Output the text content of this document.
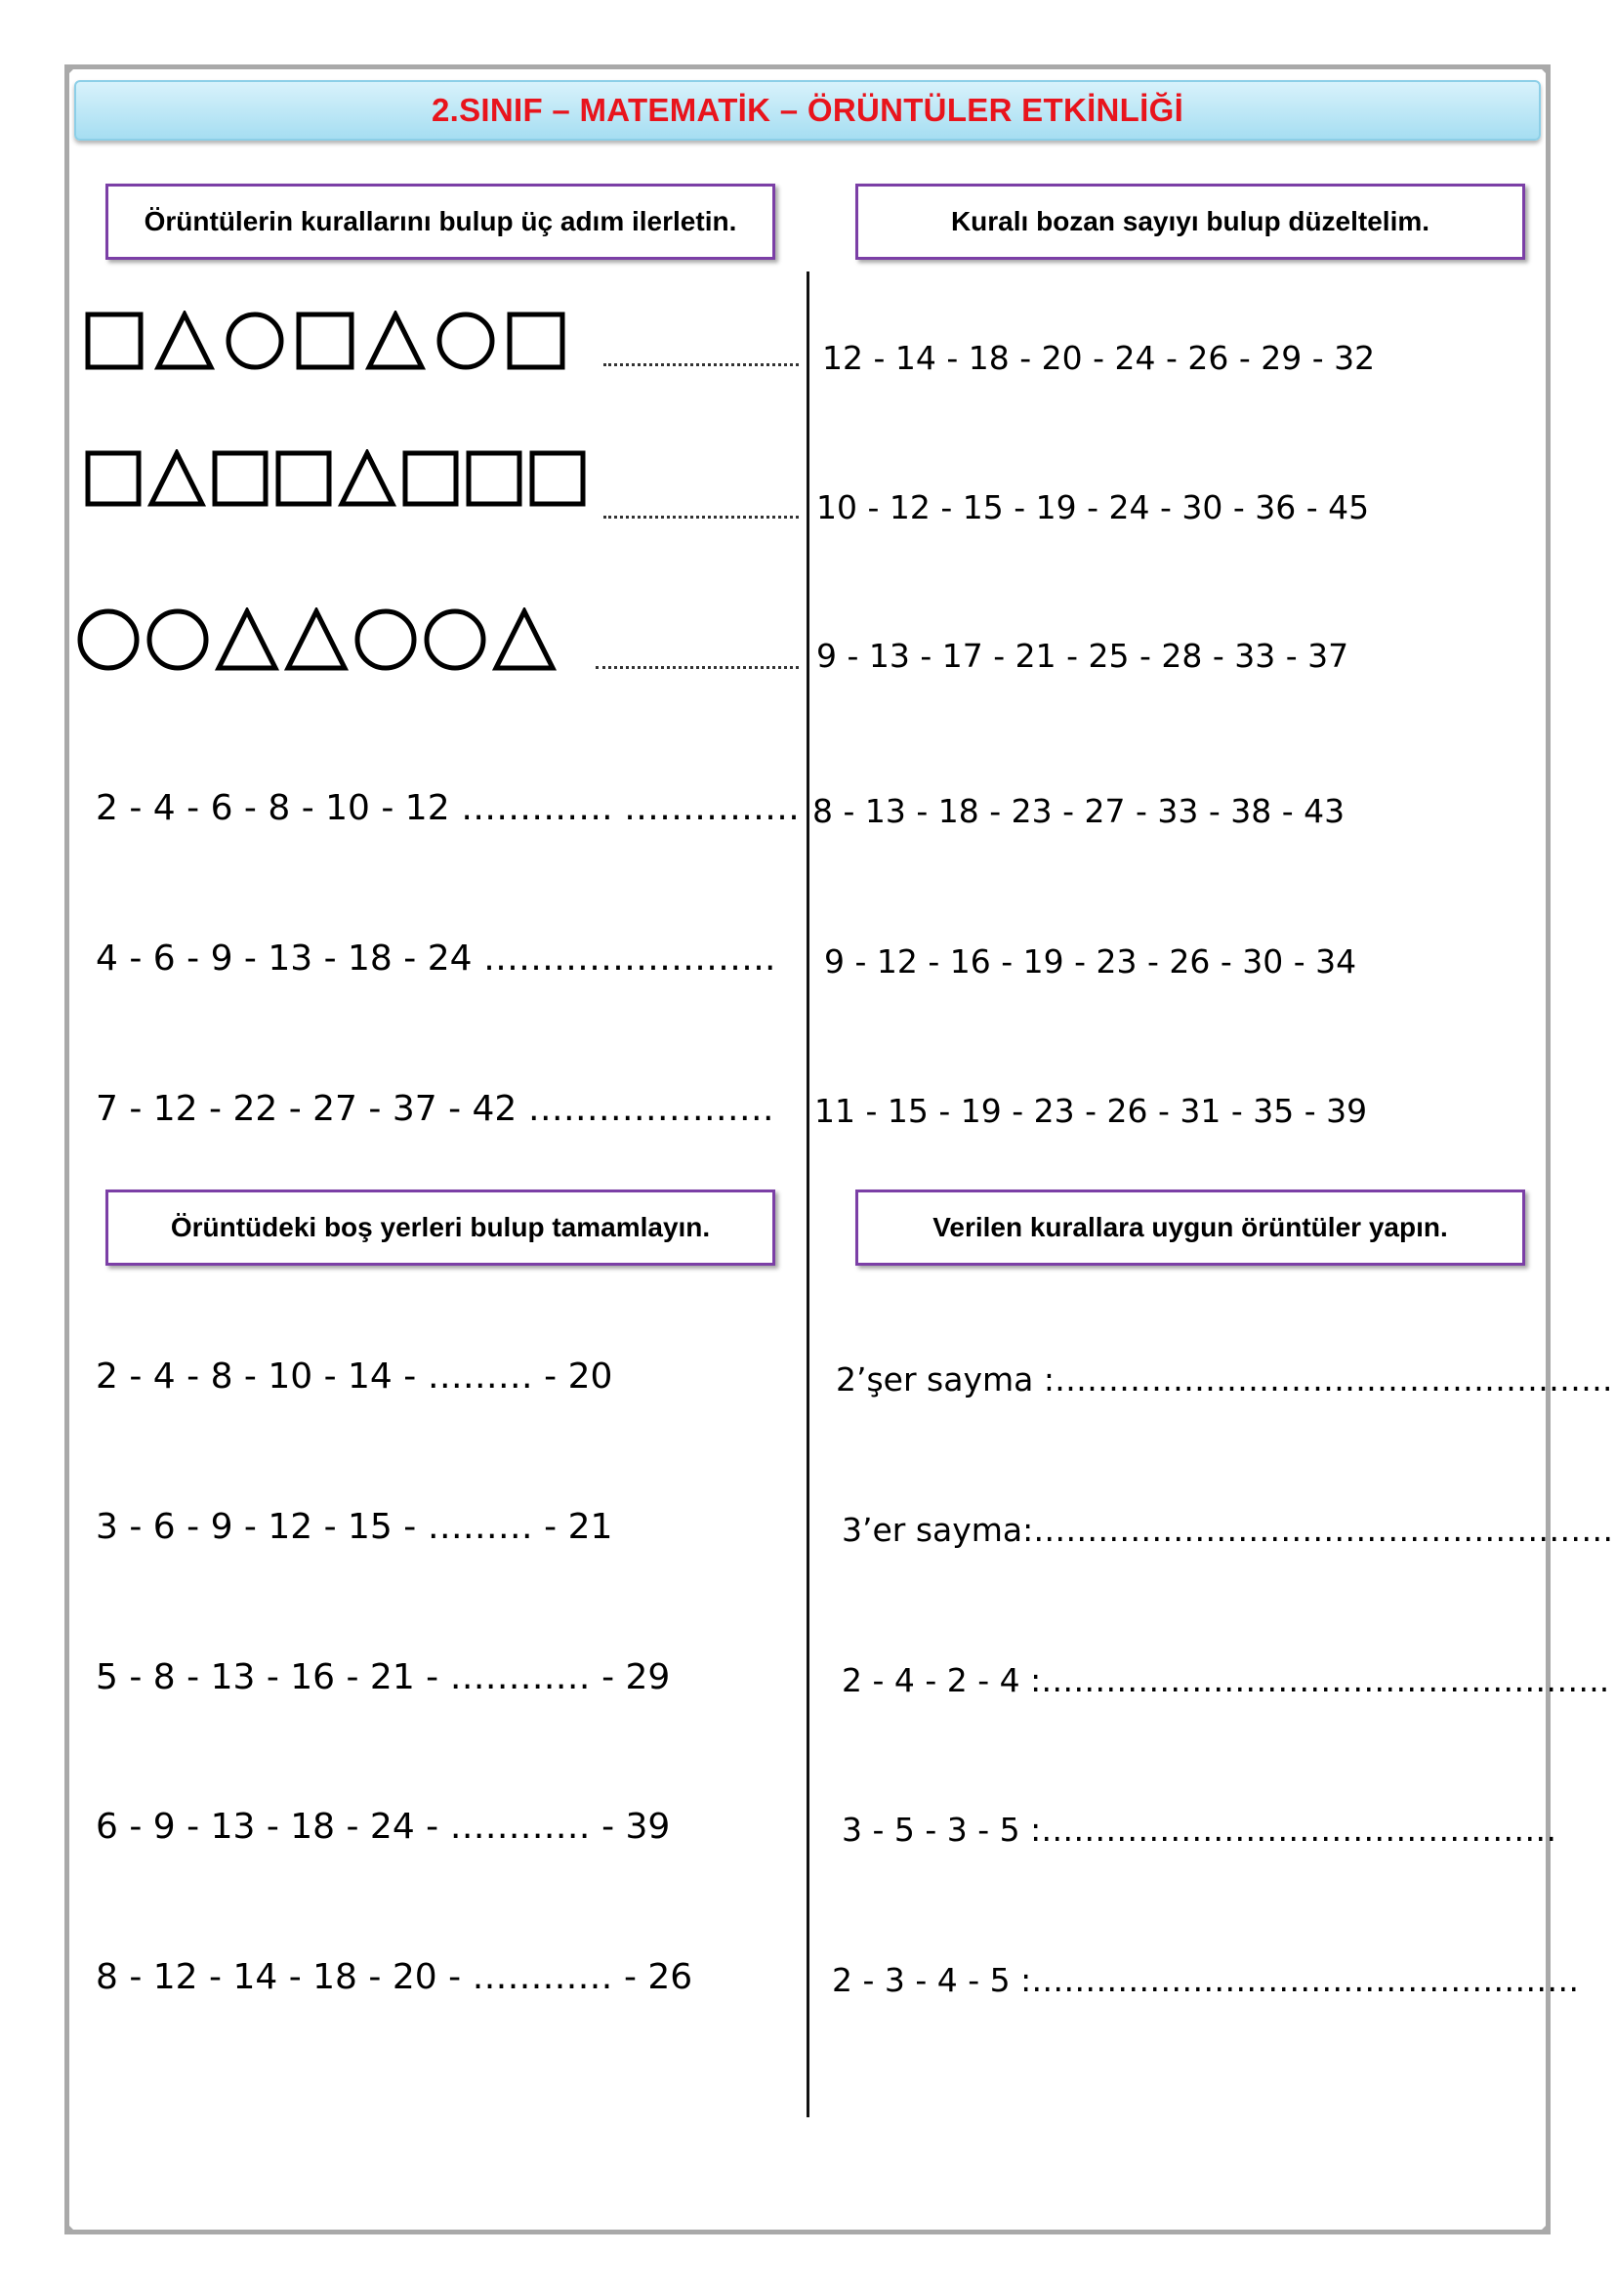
2.SINIF – MATEMATİK – ÖRÜNTÜLER ETKİNLİĞİ
Örüntülerin kurallarını bulup üç adım ilerletin.	Kuralı bozan sayıyı bulup düzeltelim.
Örüntüdeki boş yerleri bulup tamamlayın.	Verilen kurallara uygun örüntüler yapın.
2 - 4 - 6 - 8 - 10 - 12 …………. ……………
4 - 6 - 9 - 13 - 18 - 24 …………………….
7 - 12 - 22 - 27 - 37 - 42 …………………
12 - 14 - 18 - 20 - 24 - 26 - 29 - 32
10 - 12 - 15 - 19 - 24 - 30 - 36 - 45
9 - 13 - 17 - 21 - 25 - 28 - 33 - 37
8 - 13 - 18 - 23 - 27 - 33 - 38 - 43
9 - 12 - 16 - 19 - 23 - 26 - 30 - 34
11 - 15 - 19 - 23 - 26 - 31 - 35 - 39
2 - 4 - 8 - 10 - 14 - ……… - 20
3 - 6 - 9 - 12 - 15 - ……… - 21
5 - 8 - 13 - 16 - 21 - ………… - 29
6 - 9 - 13 - 18 - 24 - ………… - 39
8 - 12 - 14 - 18 - 20 - ………… - 26
2’şer sayma :…………………………………………….
3’er sayma:………………………………………………
2 - 4 - 2 - 4 :……………………………………………..
3 - 5 - 3 - 5 :…………………………………………
2 - 3 - 4 - 5 :……………………………………………
